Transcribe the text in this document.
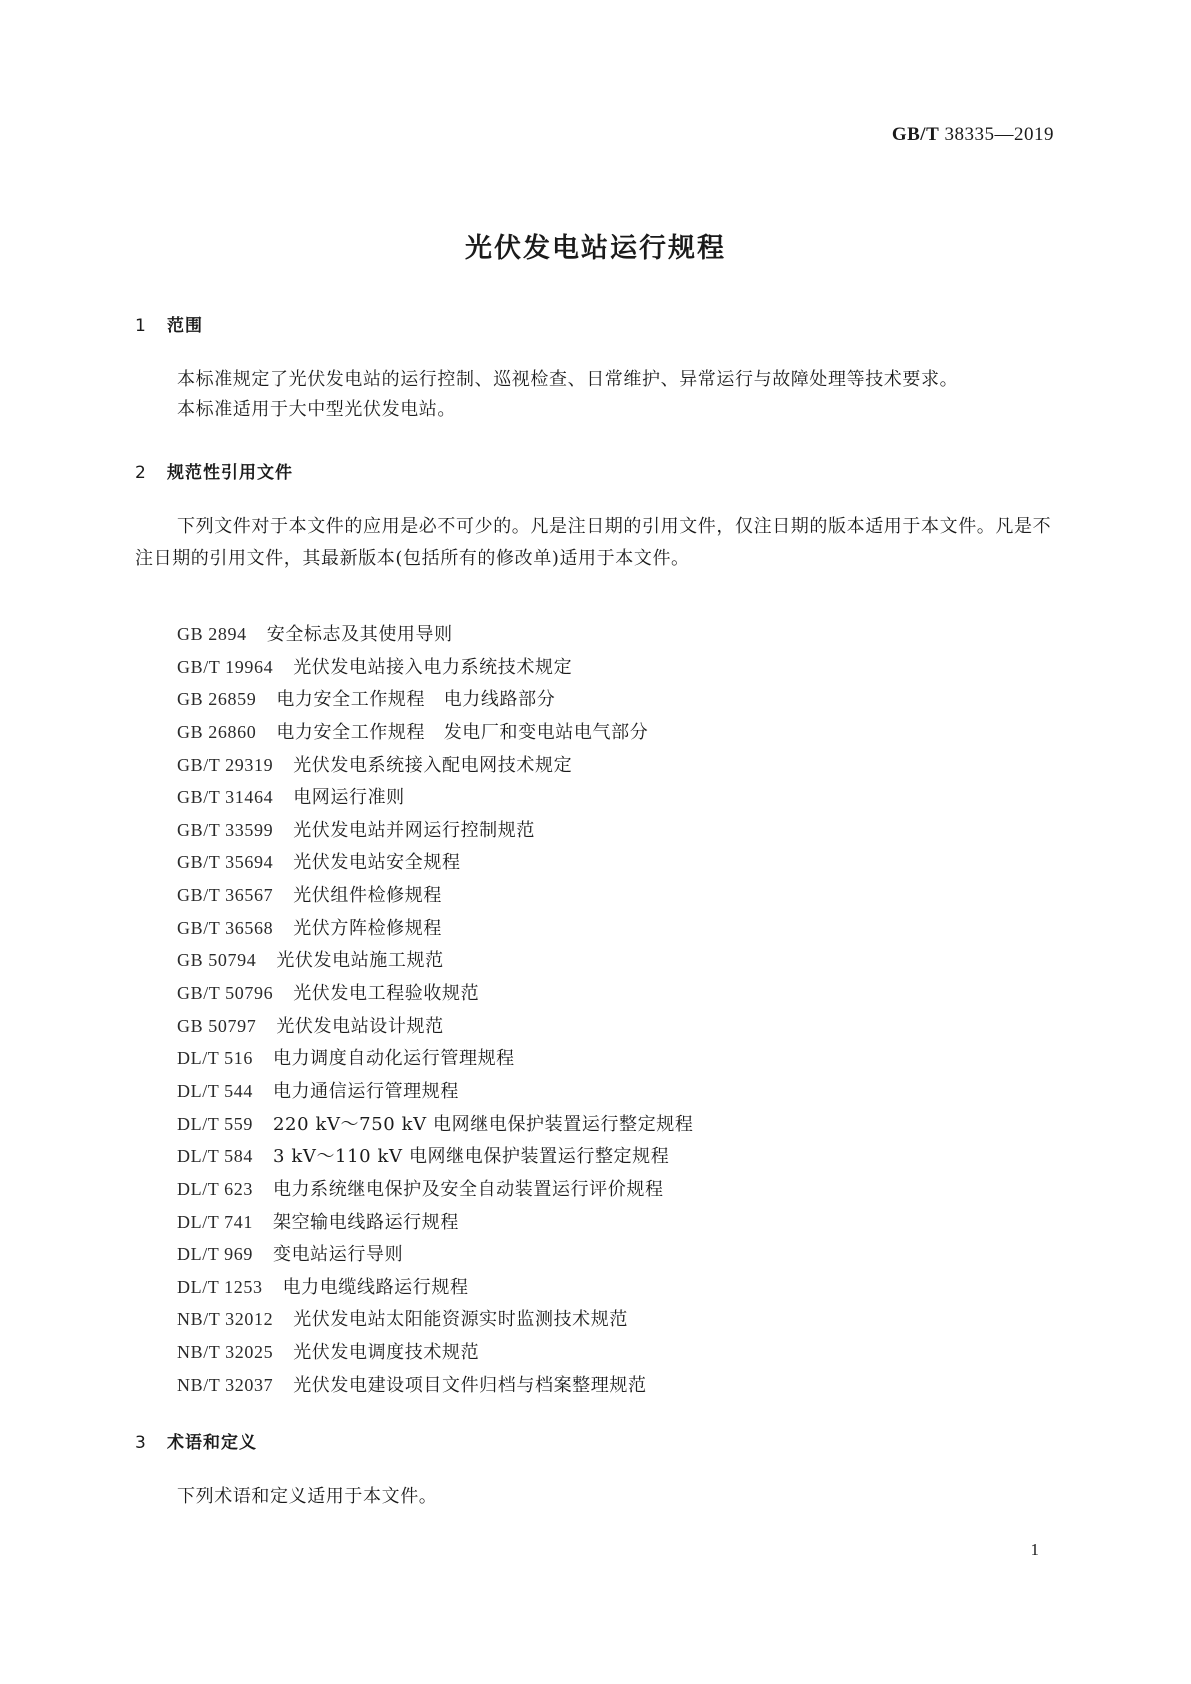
GB/T 38335—2019
光伏发电站运行规程
1 范围
本标准规定了光伏发电站的运行控制、巡视检查、日常维护、异常运行与故障处理等技术要求。
本标准适用于大中型光伏发电站。
2 规范性引用文件
下列文件对于本文件的应用是必不可少的。凡是注日期的引用文件，仅注日期的版本适用于本文件。凡是不注日期的引用文件，其最新版本(包括所有的修改单)适用于本文件。
GB 2894 安全标志及其使用导则
GB/T 19964 光伏发电站接入电力系统技术规定
GB 26859 电力安全工作规程　电力线路部分
GB 26860 电力安全工作规程　发电厂和变电站电气部分
GB/T 29319 光伏发电系统接入配电网技术规定
GB/T 31464 电网运行准则
GB/T 33599 光伏发电站并网运行控制规范
GB/T 35694 光伏发电站安全规程
GB/T 36567 光伏组件检修规程
GB/T 36568 光伏方阵检修规程
GB 50794 光伏发电站施工规范
GB/T 50796 光伏发电工程验收规范
GB 50797 光伏发电站设计规范
DL/T 516 电力调度自动化运行管理规程
DL/T 544 电力通信运行管理规程
DL/T 559 220 kV～750 kV 电网继电保护装置运行整定规程
DL/T 584 3 kV～110 kV 电网继电保护装置运行整定规程
DL/T 623 电力系统继电保护及安全自动装置运行评价规程
DL/T 741 架空输电线路运行规程
DL/T 969 变电站运行导则
DL/T 1253 电力电缆线路运行规程
NB/T 32012 光伏发电站太阳能资源实时监测技术规范
NB/T 32025 光伏发电调度技术规范
NB/T 32037 光伏发电建设项目文件归档与档案整理规范
3 术语和定义
下列术语和定义适用于本文件。
1
